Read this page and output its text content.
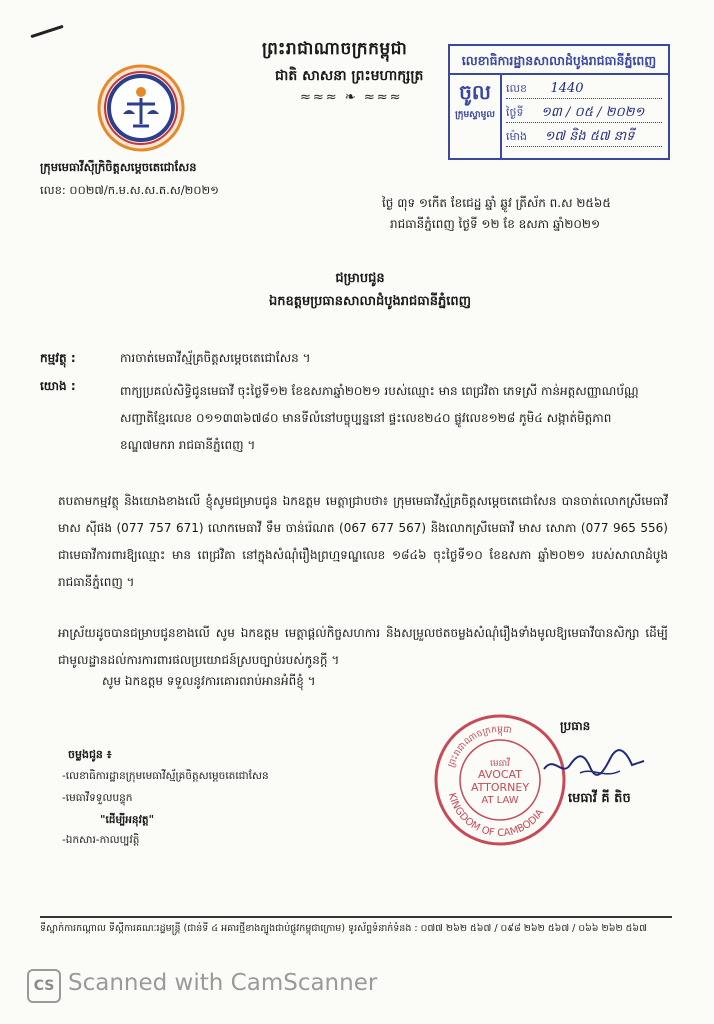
ព្រះរាជាណាចក្រកម្ពុជា
ជាតិ សាសនា ព្រះមហាក្សត្រ
≈≈≈ ❧ ≈≈≈
ក្រុមមេធាវីស៊ីក្រិចិត្តសម្តេចតេជោសែន
លេខ: ០០២៧/ក.ម.ស.ស.ត.ស/២០២១
លេខាធិការដ្ឋានសាលាដំបូងរាជធានីភ្នំពេញ
ចូល
ក្រុមស្ទាមូល
លេខ 1440
ថ្ងៃទី ១៣ / ០៥ / ២០២១
ម៉ោង ១៧ និង ៥៧ នាទី
ថ្ងៃ ៣ុទ ១កើត ខែជេដ្ឋ ឆ្នាំ ឆ្លូវ ត្រីស័ក ព.ស ២៥៦៥
រាជធានីភ្នំពេញ ថ្ងៃទី ១២ ខែ ឧសភា ឆ្នាំ២០២១
ជម្រាបជូន
ឯកឧត្តមប្រធានសាលាដំបូងរាជធានីភ្នំពេញ
កម្មវត្ថុ :	ការចាត់មេធាវីស្ម័គ្រចិត្តសម្តេចតេជោសែន ។
យោង :	ពាក្យប្រគល់សិទ្ធិជូនមេធាវី ចុះថ្ងៃទី១២ ខែឧសភាឆ្នាំ២០២១ របស់ឈ្មោះ មាន ពេជ្រវិតា ភេទស្រី កាន់អត្តសញ្ញាណប័ណ្ណសញ្ជាតិខ្មែរលេខ ០១១៣៣៦៧៨០ មានទីលំនៅបច្ចុប្បន្ននៅ ផ្ទះលេខ២៤០ ផ្លូវលេខ១២៨ ភូមិ៤ សង្កាត់មិត្តភាព ខណ្ឌ៧មករា រាជធានីភ្នំពេញ ។
តបតាមកម្មវត្ថុ និងយោងខាងលើ ខ្ញុំសូមជម្រាបជូន ឯកឧត្តម មេត្តាជ្រាបថា៖ ក្រុមមេធាវីស្ម័គ្រចិត្តសម្តេចតេជោសែន បានចាត់លោកស្រីមេធាវី មាស ស៊ីផង (077 757 671) លោកមេធាវី ទឹម ចាន់រ៉េណត (067 677 567) និងលោកស្រីមេធាវី មាស សោភា (077 965 556) ជាមេធាវីការពារឱ្យឈ្មោះ មាន ពេជ្រវិតា នៅក្នុងសំណុំរឿងព្រហ្មទណ្ឌលេខ ១៨៤៦ ចុះថ្ងៃទី១០ ខែឧសភា ឆ្នាំ២០២១ របស់សាលាដំបូងរាជធានីភ្នំពេញ ។
អាស្រ័យដូចបានជម្រាបជូនខាងលើ សូម ឯកឧត្តម មេត្តាផ្តល់កិច្ចសហការ និងសម្រួលថតចម្លងសំណុំរឿងទាំងមូលឱ្យមេធាវីបានសិក្សា ដើម្បីជាមូលដ្ឋានដល់ការការពារផលប្រយោជន៍ស្របច្បាប់របស់កូនក្តី ។
សូម ឯកឧត្តម ទទួលនូវការគោរពរាប់អានអំពីខ្ញុំ ។
ចម្លងជូន ៖
-លេខាធិការដ្ឋានក្រុមមេធាវីស្ម័គ្រចិត្តសម្តេចតេជោសែន
-មេធាវីទទួលបន្ទុក
"ដើម្បីអនុវត្ត"
-ឯកសារ-កាលប្បវត្តិ
ប្រធាន
ព្រះរាជាណាចក្រកម្ពុជា
KINGDOM OF CAMBODIA
មេធាវី
AVOCAT
ATTORNEY
AT LAW	មេធាវី គី តិច
ទីស្នាក់ការកណ្តាល ទីស្តីការគណៈរដ្ឋមន្ត្រី (ជាន់ទី ៤ អគារថ្មីខាងត្បូងជាប់ផ្លូវកម្ពុជាក្រោម) ទូរស័ព្ទទំនាក់ទំនង : ០៧៧ ២៦២ ៥៦៧ / ០៩៨ ២៦២ ៥៦៧ / ០៦៦ ២៦២ ៥៦៧
CS Scanned with CamScanner
